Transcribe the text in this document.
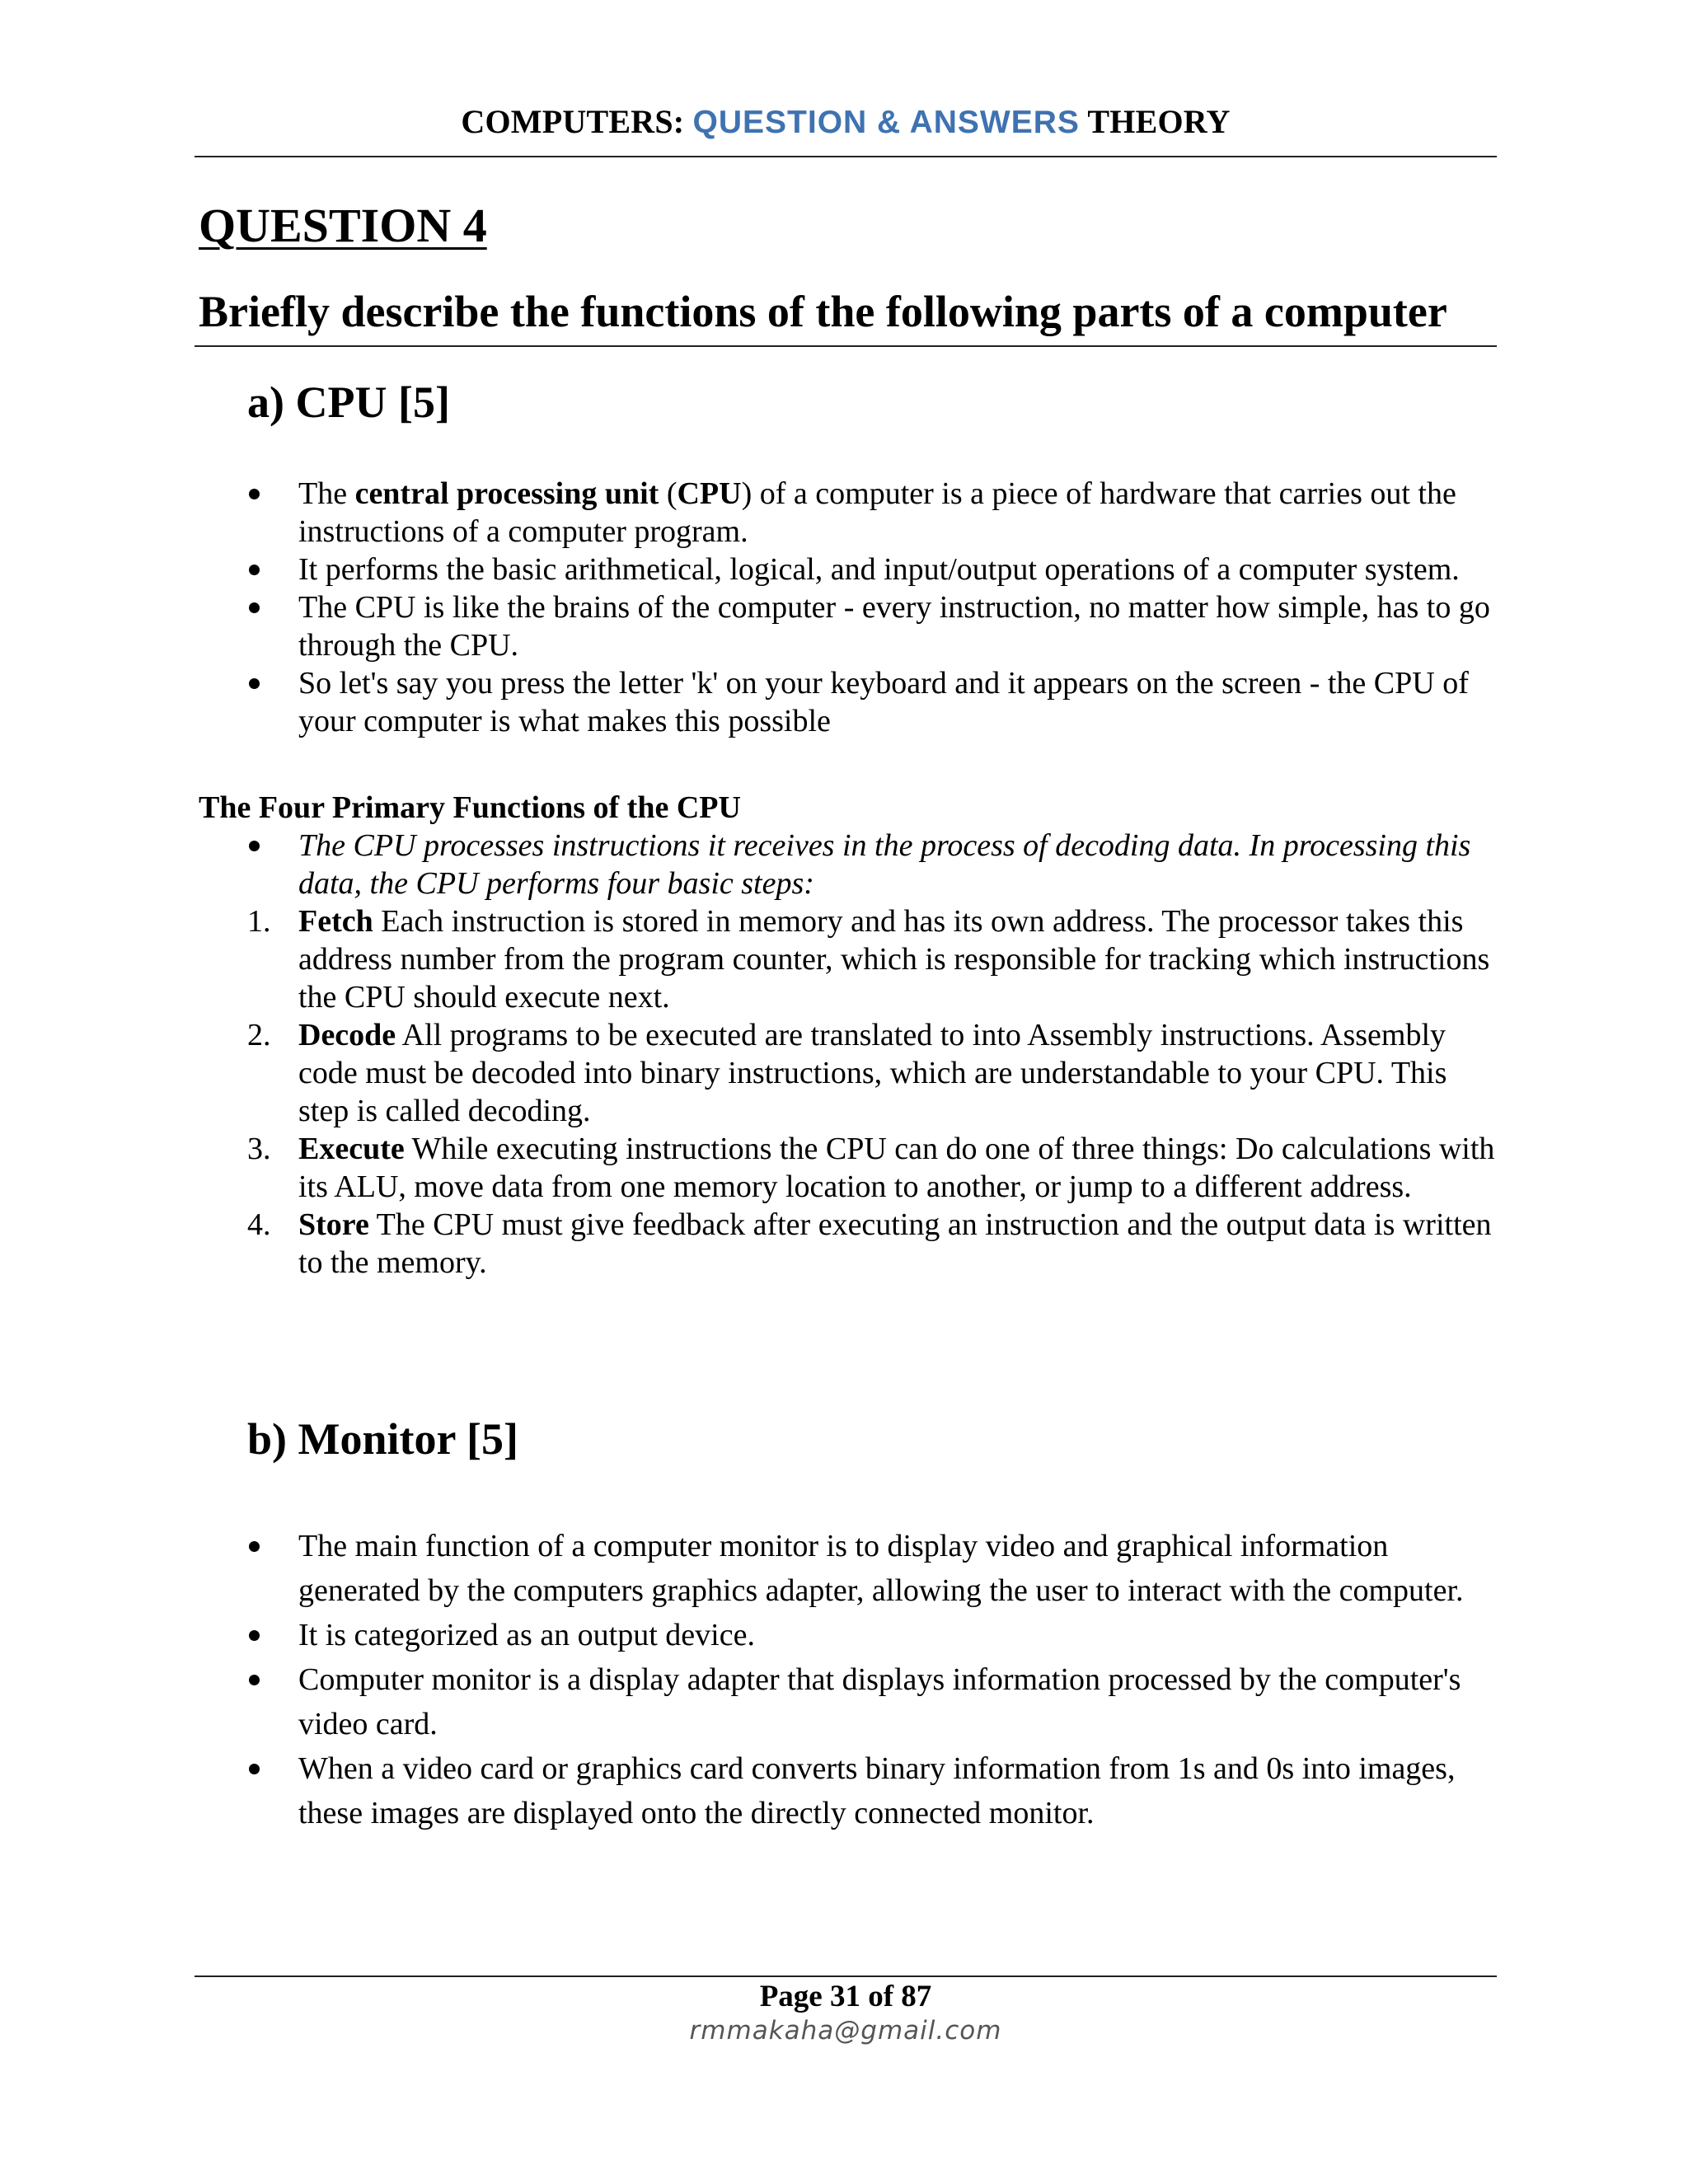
COMPUTERS: QUESTION & ANSWERS THEORY
QUESTION 4
Briefly describe the functions of the following parts of a computer
a) CPU [5]
The central processing unit (CPU) of a computer is a piece of hardware that carries out the instructions of a computer program.
It performs the basic arithmetical, logical, and input/output operations of a computer system.
The CPU is like the brains of the computer - every instruction, no matter how simple, has to go through the CPU.
So let's say you press the letter 'k' on your keyboard and it appears on the screen - the CPU of your computer is what makes this possible
The Four Primary Functions of the CPU
The CPU processes instructions it receives in the process of decoding data. In processing this data, the CPU performs four basic steps:
1. Fetch Each instruction is stored in memory and has its own address. The processor takes this address number from the program counter, which is responsible for tracking which instructions the CPU should execute next.
2. Decode All programs to be executed are translated to into Assembly instructions. Assembly code must be decoded into binary instructions, which are understandable to your CPU. This step is called decoding.
3. Execute While executing instructions the CPU can do one of three things: Do calculations with its ALU, move data from one memory location to another, or jump to a different address.
4. Store The CPU must give feedback after executing an instruction and the output data is written to the memory.
b) Monitor [5]
The main function of a computer monitor is to display video and graphical information generated by the computers graphics adapter, allowing the user to interact with the computer.
It is categorized as an output device.
Computer monitor is a display adapter that displays information processed by the computer's video card.
When a video card or graphics card converts binary information from 1s and 0s into images, these images are displayed onto the directly connected monitor.
Page 31 of 87
rmmakaha@gmail.com
